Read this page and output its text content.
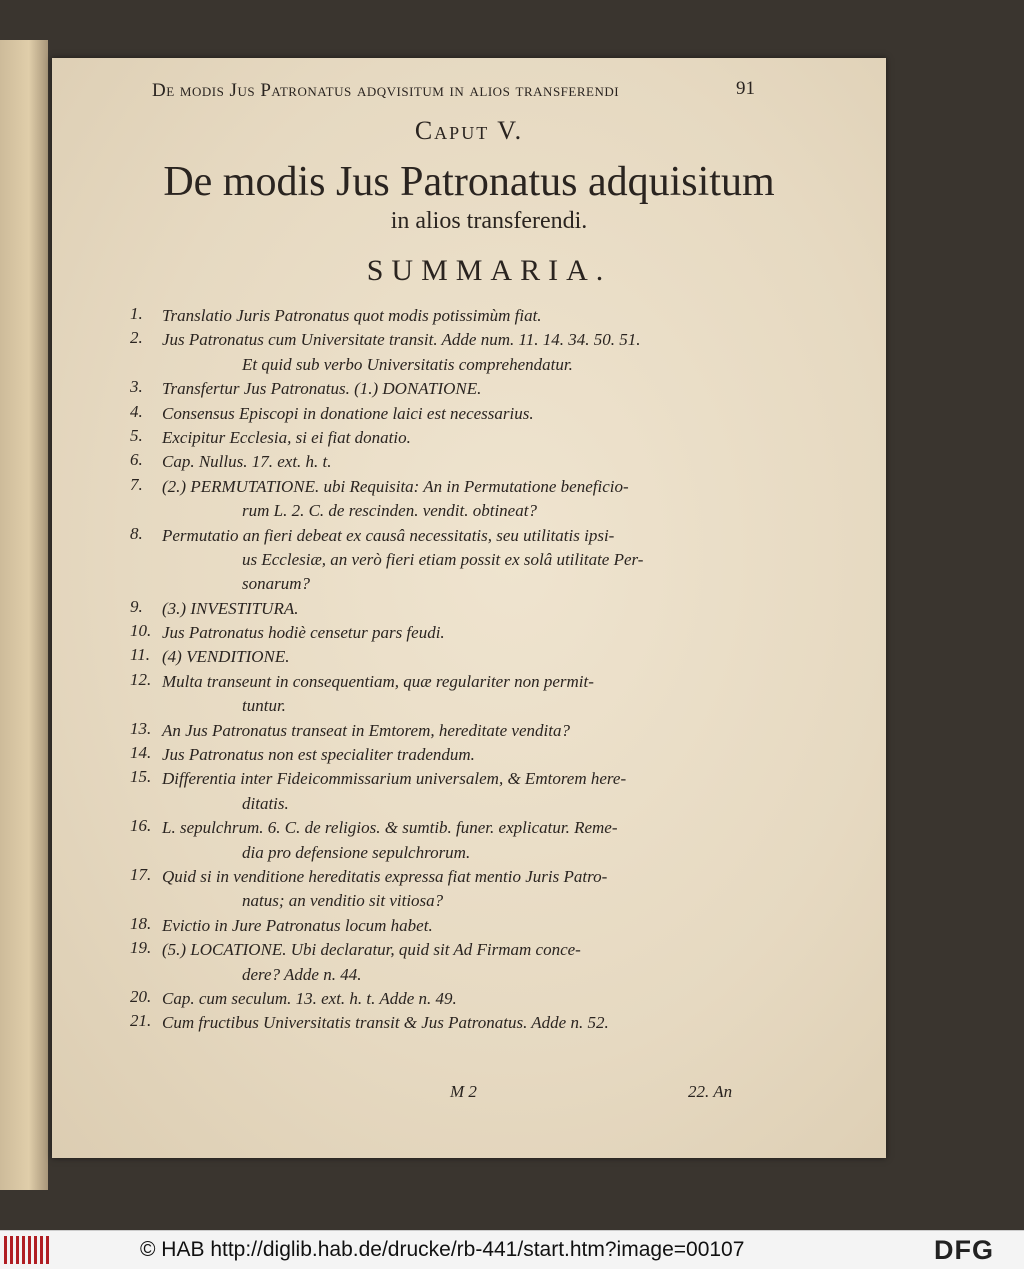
De modis Jus Patronatus adqvisitum in alios transferendi	91
Caput V.
De modis Jus Patronatus adquisitum
in alios transferendi.
SUMMARIA.
1. Translatio Juris Patronatus quot modis potissimùm fiat.
2. Jus Patronatus cum Universitate transit. Adde num. 11. 14. 34. 50. 51.
Et quid sub verbo Universitatis comprehendatur.
3. Transfertur Jus Patronatus. (1.) DONATIONE.
4. Consensus Episcopi in donatione laici est necessarius.
5. Excipitur Ecclesia, si ei fiat donatio.
6. Cap. Nullus. 17. ext. h. t.
7. (2.) PERMUTATIONE. ubi Requisita: An in Permutatione beneficio-
rum L. 2. C. de rescinden. vendit. obtineat?
8. Permutatio an fieri debeat ex causâ necessitatis, seu utilitatis ipsi-
us Ecclesiæ, an verò fieri etiam possit ex solâ utilitate Per-
sonarum?
9. (3.) INVESTITURA.
10. Jus Patronatus hodiè censetur pars feudi.
11. (4) VENDITIONE.
12. Multa transeunt in consequentiam, quæ regulariter non permit-
tuntur.
13. An Jus Patronatus transeat in Emtorem, hereditate vendita?
14. Jus Patronatus non est specialiter tradendum.
15. Differentia inter Fideicommissarium universalem, & Emtorem here-
ditatis.
16. L. sepulchrum. 6. C. de religios. & sumtib. funer. explicatur. Reme-
dia pro defensione sepulchrorum.
17. Quid si in venditione hereditatis expressa fiat mentio Juris Patro-
natus; an venditio sit vitiosa?
18. Evictio in Jure Patronatus locum habet.
19. (5.) LOCATIONE. Ubi declaratur, quid sit Ad Firmam conce-
dere? Adde n. 44.
20. Cap. cum seculum. 13. ext. h. t. Adde n. 49.
21. Cum fructibus Universitatis transit & Jus Patronatus. Adde n. 52.
M 2	22. An
© HAB http://diglib.hab.de/drucke/rb-441/start.htm?image=00107	DFG
